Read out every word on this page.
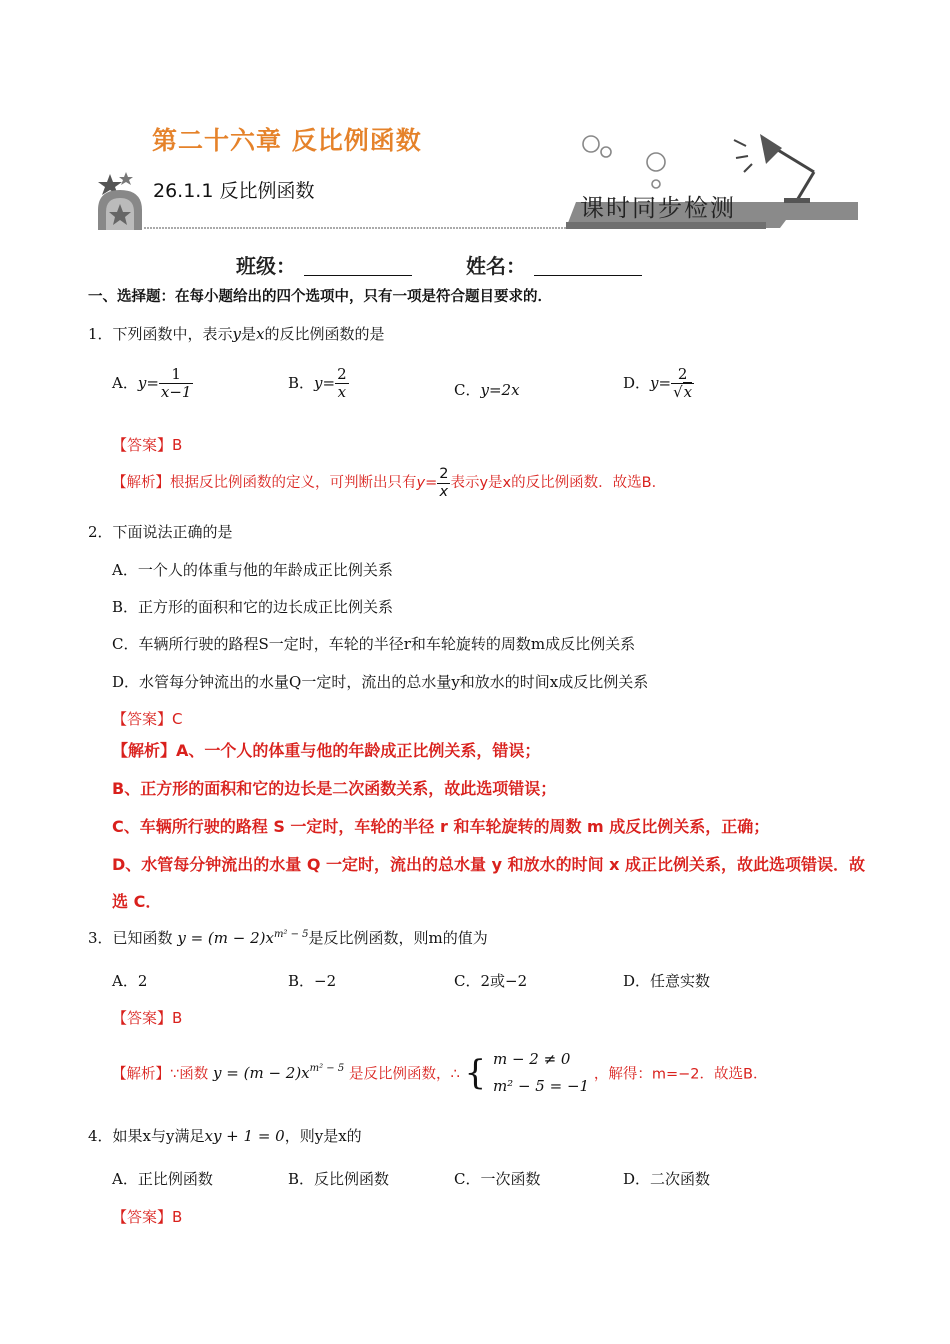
第二十六章 反比例函数
26.1.1 反比例函数
课时同步检测
班级：	姓名：
一、选择题：在每小题给出的四个选项中，只有一项是符合题目要求的．
1．下列函数中，表示y是x的反比例函数的是
A．$y= \frac{1}{x-1}$	B．$y= \frac{2}{x}$	C．y=2x	D．$y= \frac{2}{√x}$
【答案】B
【解析】根据反比例函数的定义，可判断出只有$y= \frac{2}{x}$ 表示y是x的反比例函数．故选B．
2．下面说法正确的是
A．一个人的体重与他的年龄成正比例关系
B．正方形的面积和它的边长成正比例关系
C．车辆所行驶的路程S一定时，车轮的半径r和车轮旋转的周数m成反比例关系
D．水管每分钟流出的水量Q一定时，流出的总水量y和放水的时间x成反比例关系
【答案】C
【解析】A、一个人的体重与他的年龄成正比例关系，错误；
B、正方形的面积和它的边长是二次函数关系，故此选项错误；
C、车辆所行驶的路程 S 一定时，车轮的半径 r 和车轮旋转的周数 m 成反比例关系，正确；
D、水管每分钟流出的水量 Q 一定时，流出的总水量 y 和放水的时间 x 成正比例关系，故此选项错误．故
选 C．
3．已知函数 $y = (m - 2)x^{m^2 - 5}$是反比例函数，则m的值为
A．2	B．−2	C．2或−2	D．任意实数
【答案】B
【解析】∵函数 $y = (m - 2)x^{m^2 - 5}$ 是反比例函数，∴ { m − 2 ≠ 0
m² − 5 = −1
，解得：m=−2．故选B．
4．如果x与y满足xy + 1 = 0，则y是x的
A．正比例函数	B．反比例函数	C．一次函数	D．二次函数
【答案】B
